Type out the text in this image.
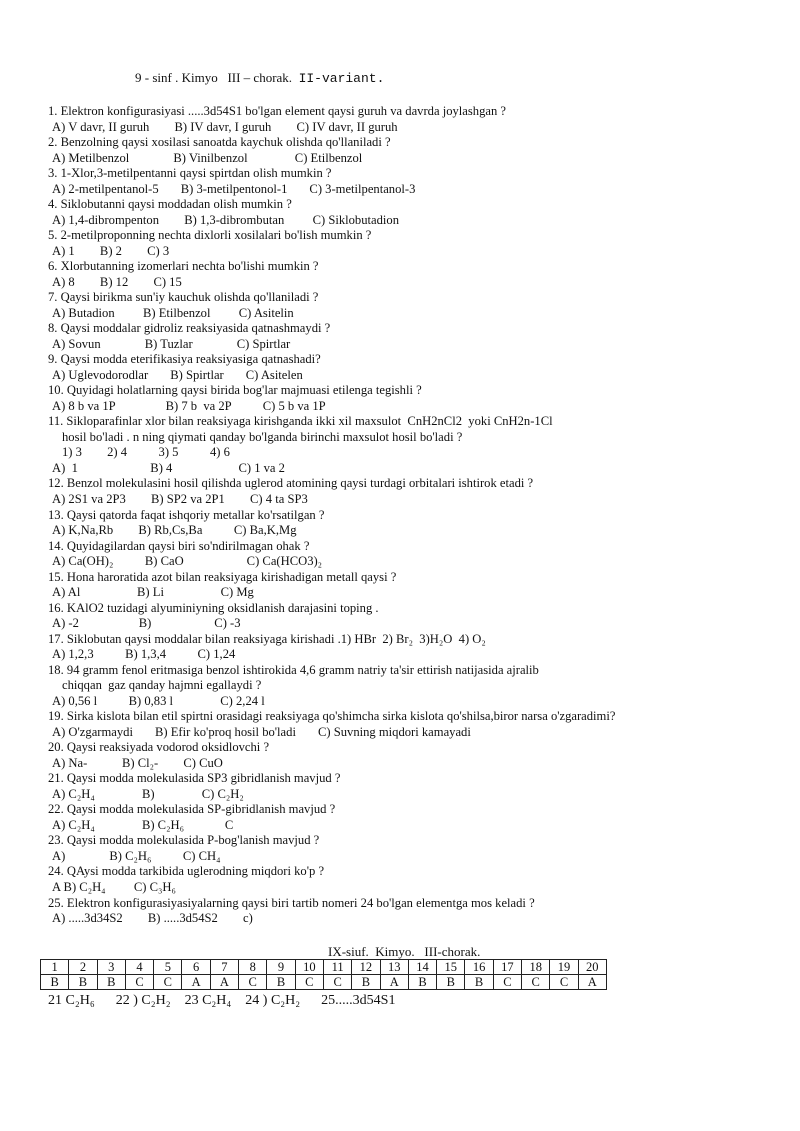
9 - sinf . Kimyo   III – chorak.  II-variant.
1. Elektron konfigurasiyasi .....3d54S1 bo'lgan element qaysi guruh va davrda joylashgan ?
A) V davr, II guruh        B) IV davr, I guruh        C) IV davr, II guruh
2. Benzolning qaysi xosilasi sanoatda kaychuk olishda qo'llaniladi ?
A) Metilbenzol              B) Vinilbenzol               C) Etilbenzol
3. 1-Xlor,3-metilpentanni qaysi spirtdan olish mumkin ?
A) 2-metilpentanol-5       B) 3-metilpentonol-1       C) 3-metilpentanol-3
4. Siklobutanni qaysi moddadan olish mumkin ?
A) 1,4-dibrompenton        B) 1,3-dibrombutan         C) Siklobutadion
5. 2-metilproponning nechta dixlorli xosilalari bo'lish mumkin ?
A) 1        B) 2        C) 3
6. Xlorbutanning izomerlari nechta bo'lishi mumkin ?
A) 8        B) 12        C) 15
7. Qaysi birikma sun'iy kauchuk olishda qo'llaniladi ?
A) Butadion         B) Etilbenzol         C) Asitelin
8. Qaysi moddalar gidroliz reaksiyasida qatnashmaydi ?
A) Sovun              B) Tuzlar              C) Spirtlar
9. Qaysi modda eterifikasiya reaksiyasiga qatnashadi?
A) Uglevodorodlar       B) Spirtlar       C) Asitelen
10. Quyidagi holatlarning qaysi birida bog'lar majmuasi etilenga tegishli ?
A) 8 b va 1P                B) 7 b  va 2P          C) 5 b va 1P
11. Sikloparafinlar xlor bilan reaksiyaga kirishganda ikki xil maxsulot  CnH2nCl2  yoki CnH2n-1Cl
hosil bo'ladi . n ning qiymati qanday bo'lganda birinchi maxsulot hosil bo'ladi ?
1) 3        2) 4          3) 5          4) 6
A)  1                       B) 4                     C) 1 va 2
12. Benzol molekulasini hosil qilishda uglerod atomining qaysi turdagi orbitalari ishtirok etadi ?
A) 2S1 va 2P3        B) SP2 va 2P1        C) 4 ta SP3
13. Qaysi qatorda faqat ishqoriy metallar ko'rsatilgan ?
A) K,Na,Rb        B) Rb,Cs,Ba          C) Ba,K,Mg
14. Quyidagilardan qaysi biri so'ndirilmagan ohak ?
A) Ca(OH)₂          B) CaO                    C) Ca(HCO3)₂
15. Hona haroratida azot bilan reaksiyaga kirishadigan metall qaysi ?
A) Al                  B) Li                  C) Mg
16. KAlO2 tuzidagi alyuminiyning oksidlanish darajasini toping .
A) -2                   B)                    C) -3
17. Siklobutan qaysi moddalar bilan reaksiyaga kirishadi .1) HBr  2) Br₂  3)H₂O  4) O₂
A) 1,2,3          B) 1,3,4          C) 1,24
18. 94 gramm fenol eritmasiga benzol ishtirokida 4,6 gramm natriy ta'sir ettirish natijasida ajralib
chiqqan  gaz qanday hajmni egallaydi ?
A) 0,56 l          B) 0,83 l               C) 2,24 l
19. Sirka kislota bilan etil spirtni orasidagi reaksiyaga qo'shimcha sirka kislota qo'shilsa,biror narsa o'zgaradimi?
A) O'zgarmaydi       B) Efir ko'proq hosil bo'ladi       C) Suvning miqdori kamayadi
20. Qaysi reaksiyada vodorod oksidlovchi ?
A) Na-           B) Cl₂-        C) CuO
21. Qaysi modda molekulasida SP3 gibridlanish mavjud ?
A) C₂H₄               B)               C) C₂H₂
22. Qaysi modda molekulasida SP-gibridlanish mavjud ?
A) C₂H₄               B) C₂H₆             C
23. Qaysi modda molekulasida P-bog'lanish mavjud ?
A)              B) C₂H₆          C) CH₄
24. QAysi modda tarkibida uglerodning miqdori ko'p ?
A B) C₂H₄         C) C₃H₆
25. Elektron konfigurasiyasiyalarning qaysi biri tartib nomeri 24 bo'lgan elementga mos keladi ?
A) .....3d34S2        B) .....3d54S2        c)
IX-siuf.  Kimyo.   III-chorak.
1	2	3	4	5	6	7	8	9	10	11	12	13	14	15	16	17	18	19	20
B	B	B	C	C	A	A	C	B	C	C	B	A	B	B	B	C	C	C	A
21 C₂H₆      22 ) C₂H₂    23 C₂H₄    24 ) C₂H₂      25.....3d54S1
